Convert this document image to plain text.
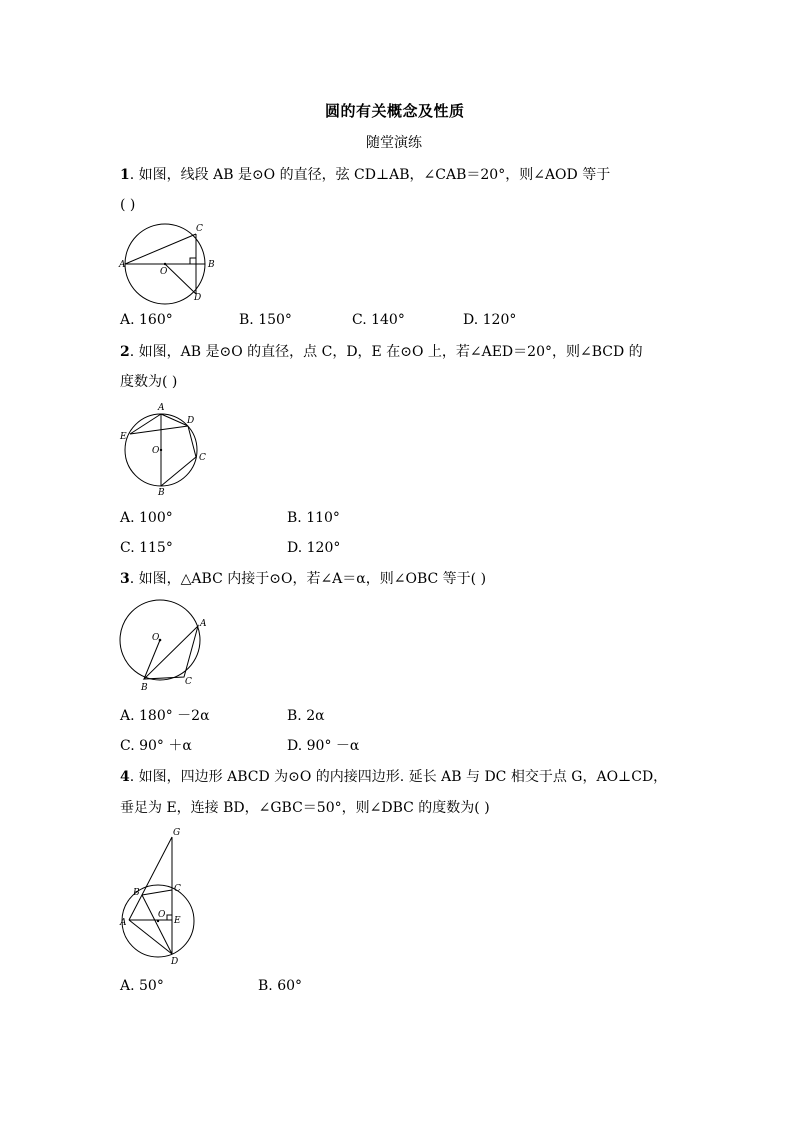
圆的有关概念及性质
随堂演练
1. 如图，线段 AB 是⊙O 的直径，弦 CD⊥AB，∠CAB＝20°，则∠AOD 等于
( )
A	B
C
D
O
A. 160°	B. 150°	C. 140°	D. 120°
2. 如图，AB 是⊙O 的直径，点 C，D，E 在⊙O 上，若∠AED＝20°，则∠BCD 的
度数为( )
A
B
C
D
E
O
A. 100°	B. 110°
C. 115°	D. 120°
3. 如图，△ABC 内接于⊙O，若∠A＝α，则∠OBC 等于( )
A
B
C
O
A. 180° －2α	B. 2α
C. 90° ＋α	D. 90° －α
4. 如图，四边形 ABCD 为⊙O 的内接四边形. 延长 AB 与 DC 相交于点 G，AO⊥CD，
垂足为 E，连接 BD，∠GBC＝50°，则∠DBC 的度数为( )
G
B	C
A	E
D
O
A. 50°	B. 60°
